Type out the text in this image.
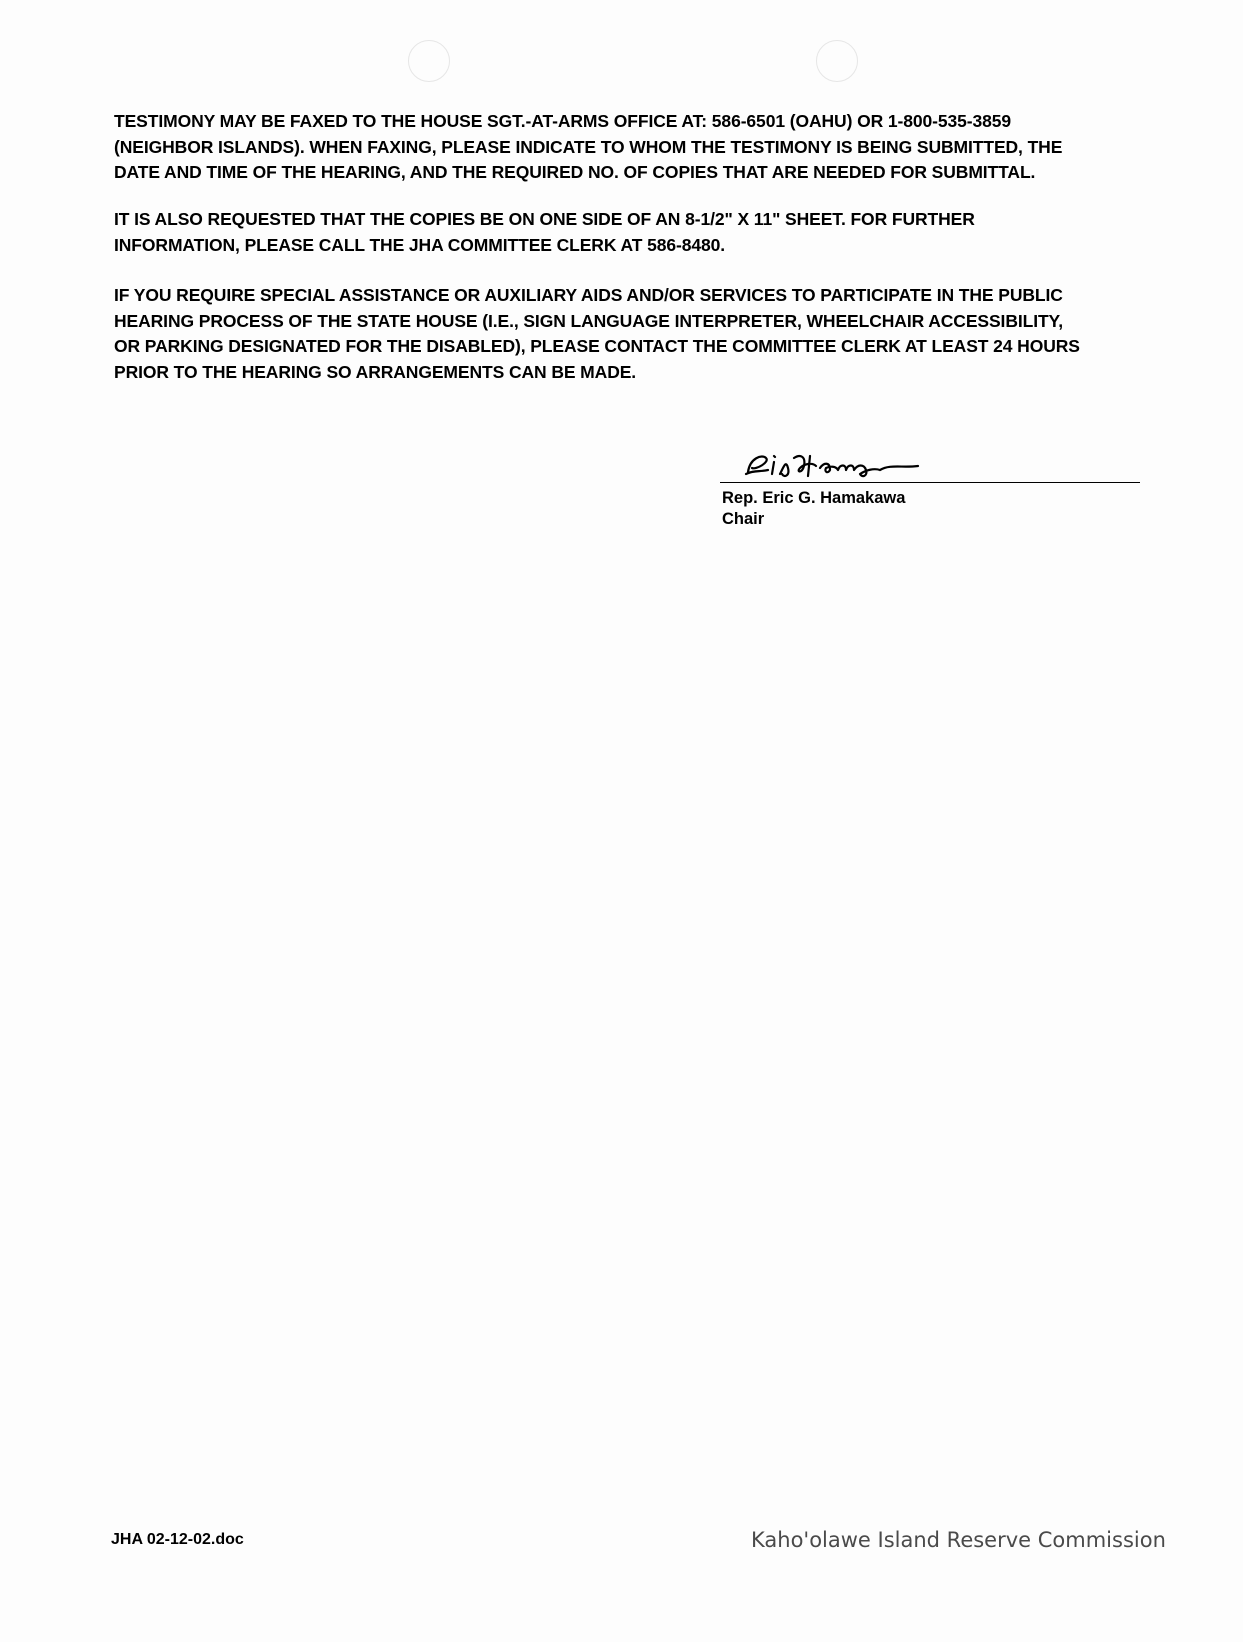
TESTIMONY MAY BE FAXED TO THE HOUSE SGT.-AT-ARMS OFFICE AT: 586-6501 (OAHU) OR 1-800-535-3859
(NEIGHBOR ISLANDS). WHEN FAXING, PLEASE INDICATE TO WHOM THE TESTIMONY IS BEING SUBMITTED, THE
DATE AND TIME OF THE HEARING, AND THE REQUIRED NO. OF COPIES THAT ARE NEEDED FOR SUBMITTAL.
IT IS ALSO REQUESTED THAT THE COPIES BE ON ONE SIDE OF AN 8-1/2" X 11" SHEET. FOR FURTHER
INFORMATION, PLEASE CALL THE JHA COMMITTEE CLERK AT 586-8480.
IF YOU REQUIRE SPECIAL ASSISTANCE OR AUXILIARY AIDS AND/OR SERVICES TO PARTICIPATE IN THE PUBLIC
HEARING PROCESS OF THE STATE HOUSE (I.E., SIGN LANGUAGE INTERPRETER, WHEELCHAIR ACCESSIBILITY,
OR PARKING DESIGNATED FOR THE DISABLED), PLEASE CONTACT THE COMMITTEE CLERK AT LEAST 24 HOURS
PRIOR TO THE HEARING SO ARRANGEMENTS CAN BE MADE.
Rep. Eric G. Hamakawa
Chair
JHA 02-12-02.doc	Kaho'olawe Island Reserve Commission
